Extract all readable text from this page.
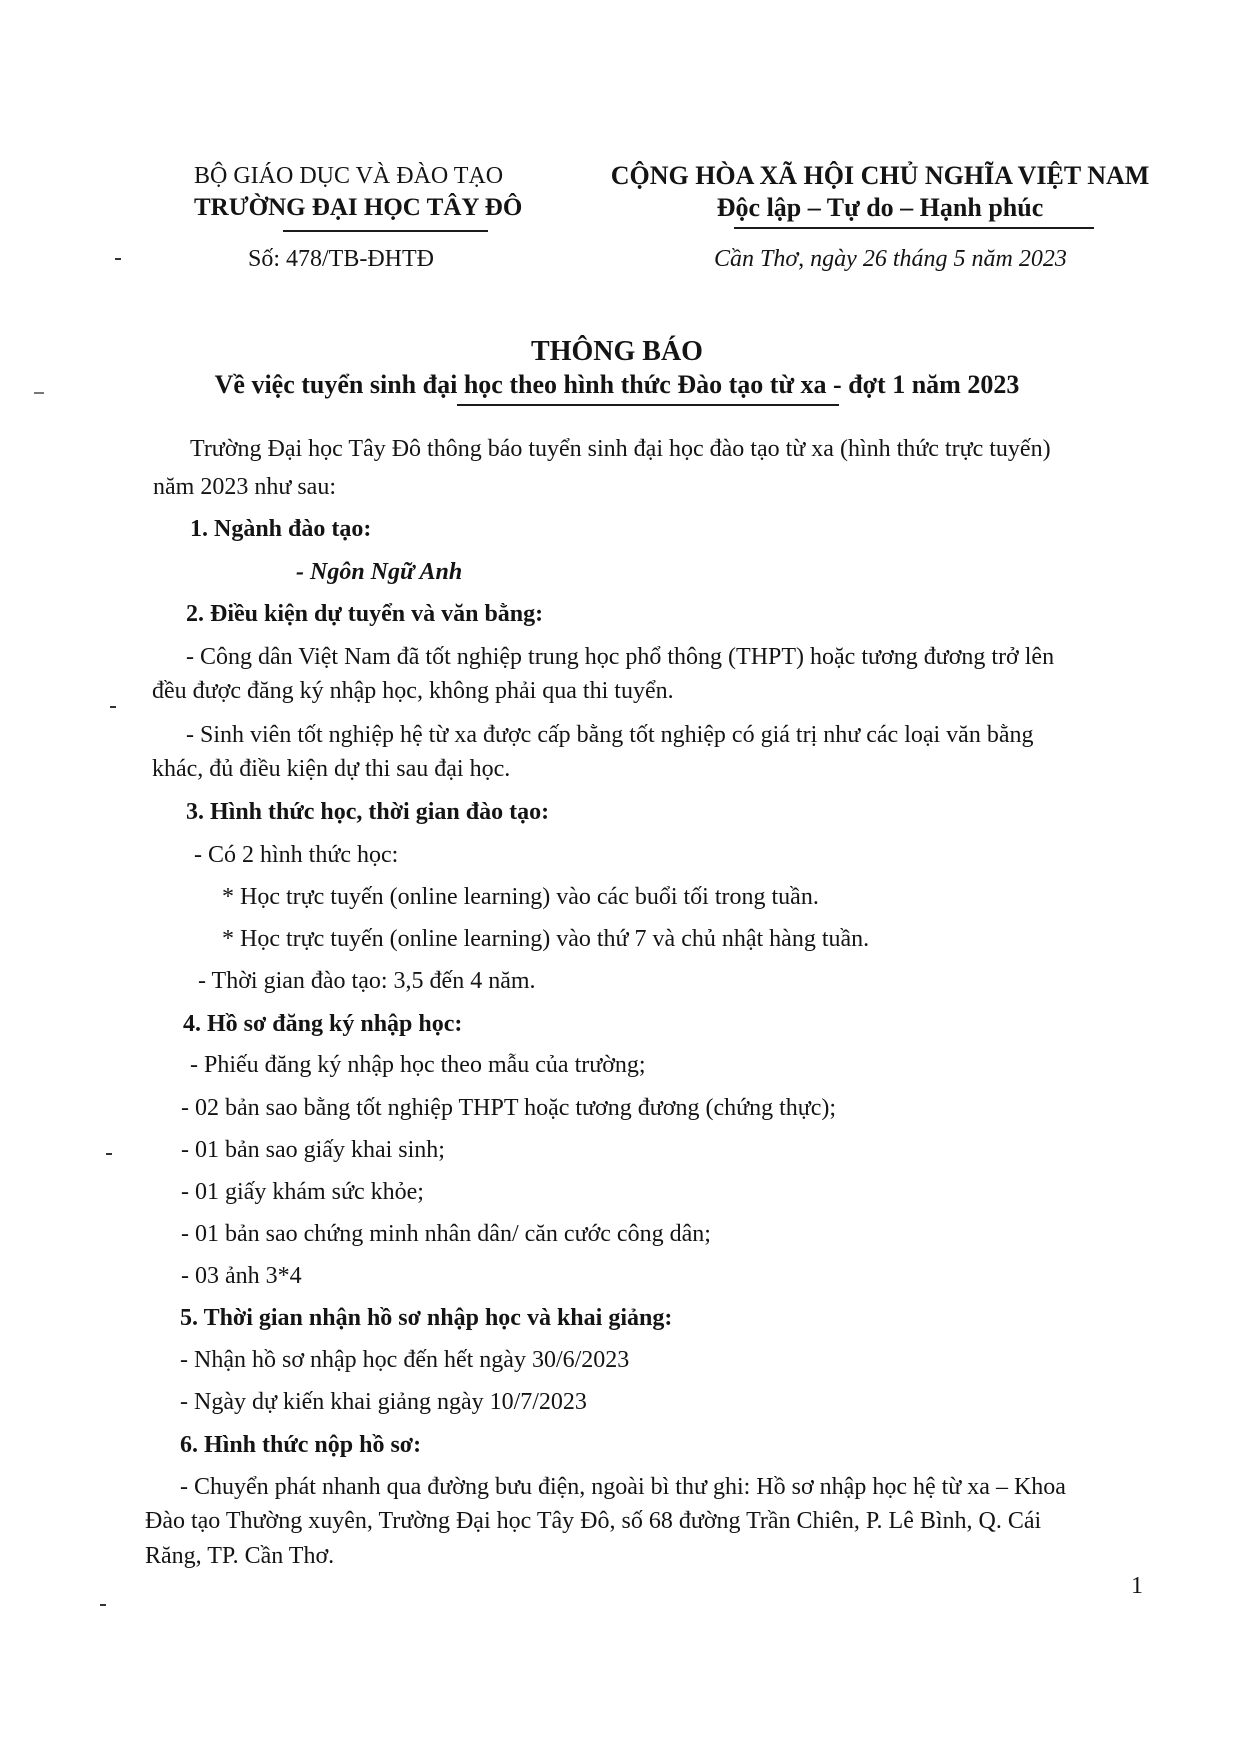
BỘ GIÁO DỤC VÀ ĐÀO TẠO
TRƯỜNG ĐẠI HỌC TÂY ĐÔ
CỘNG HÒA XÃ HỘI CHỦ NGHĨA VIỆT NAM
Độc lập – Tự do – Hạnh phúc
Số: 478/TB-ĐHTĐ	Cần Thơ, ngày 26 tháng 5 năm 2023
THÔNG BÁO
Về việc tuyển sinh đại học theo hình thức Đào tạo từ xa - đợt 1 năm 2023
Trường Đại học Tây Đô thông báo tuyển sinh đại học đào tạo từ xa (hình thức trực tuyến)
năm 2023 như sau:
1. Ngành đào tạo:
- Ngôn Ngữ Anh
2. Điều kiện dự tuyển và văn bằng:
- Công dân Việt Nam đã tốt nghiệp trung học phổ thông (THPT) hoặc tương đương trở lên
đều được đăng ký nhập học, không phải qua thi tuyển.
- Sinh viên tốt nghiệp hệ từ xa được cấp bằng tốt nghiệp có giá trị như các loại văn bằng
khác, đủ điều kiện dự thi sau đại học.
3. Hình thức học, thời gian đào tạo:
- Có 2 hình thức học:
* Học trực tuyến (online learning) vào các buổi tối trong tuần.
* Học trực tuyến (online learning) vào thứ 7 và chủ nhật hàng tuần.
- Thời gian đào tạo: 3,5 đến 4 năm.
4. Hồ sơ đăng ký nhập học:
- Phiếu đăng ký nhập học theo mẫu của trường;
- 02 bản sao bằng tốt nghiệp THPT hoặc tương đương (chứng thực);
- 01 bản sao giấy khai sinh;
- 01 giấy khám sức khỏe;
- 01 bản sao chứng minh nhân dân/ căn cước công dân;
- 03 ảnh 3*4
5. Thời gian nhận hồ sơ nhập học và khai giảng:
- Nhận hồ sơ nhập học đến hết ngày 30/6/2023
- Ngày dự kiến khai giảng ngày 10/7/2023
6. Hình thức nộp hồ sơ:
- Chuyển phát nhanh qua đường bưu điện, ngoài bì thư ghi: Hồ sơ nhập học hệ từ xa – Khoa
Đào tạo Thường xuyên, Trường Đại học Tây Đô, số 68 đường Trần Chiên, P. Lê Bình, Q. Cái
Răng, TP. Cần Thơ.
1
